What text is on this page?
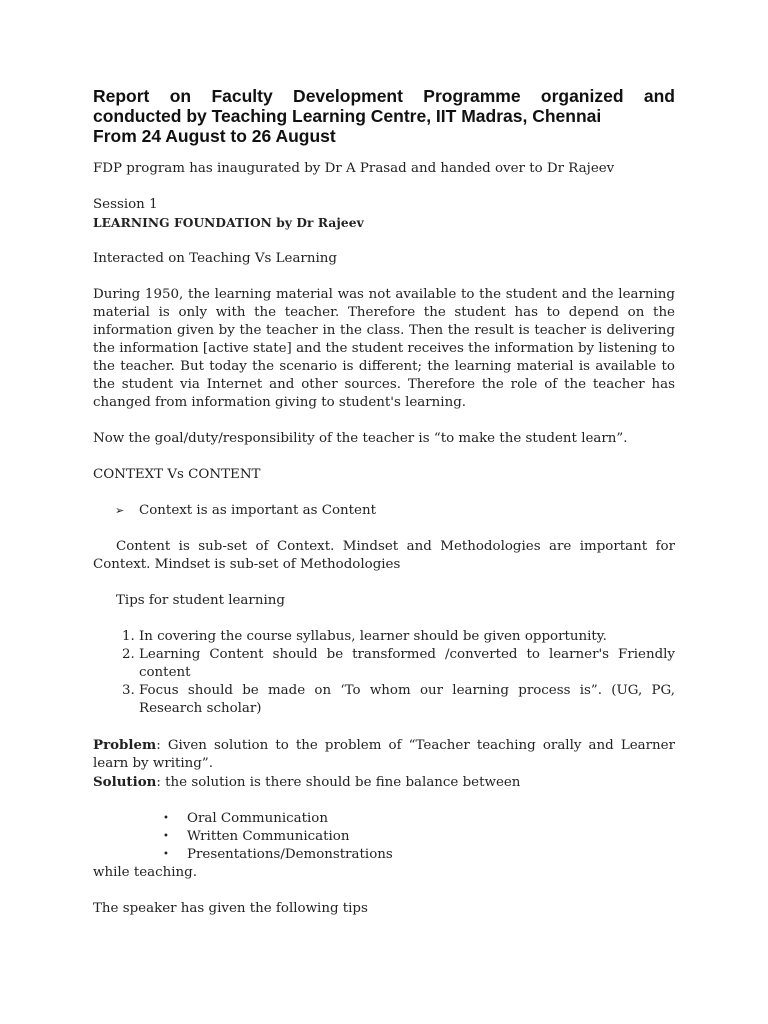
Report on Faculty Development Programme organized and
conducted by Teaching Learning Centre, IIT Madras, Chennai
From 24 August to 26 August

FDP program has inaugurated by Dr A Prasad and handed over to Dr Rajeev

Session 1

LEARNING FOUNDATION by Dr Rajeev

Interacted on Teaching Vs Learning

During 1950, the learning material was not available to the student and the learning material is only with the teacher. Therefore the student has to depend on the information given by the teacher in the class. Then the result is teacher is delivering the information [active state] and the student receives the information by listening to the teacher. But today the scenario is different; the learning material is available to the student via Internet and other sources. Therefore the role of the teacher has changed from information giving to student's learning.

Now the goal/duty/responsibility of the teacher is “to make the student learn”.

CONTEXT Vs CONTENT

➢	Context is as important as Content

Content is sub-set of Context. Mindset and Methodologies are important for Context. Mindset is sub-set of Methodologies

Tips for student learning

1. In covering the course syllabus, learner should be given opportunity.
2. Learning Content should be transformed /converted to learner's Friendly content
3. Focus should be made on ‘To whom our learning process is”. (UG, PG, Research scholar)

Problem: Given solution to the problem of “Teacher teaching orally and Learner learn by writing”.

Solution: the solution is there should be fine balance between

•	Oral Communication
•	Written Communication
•	Presentations/Demonstrations

while teaching.

The speaker has given the following tips
